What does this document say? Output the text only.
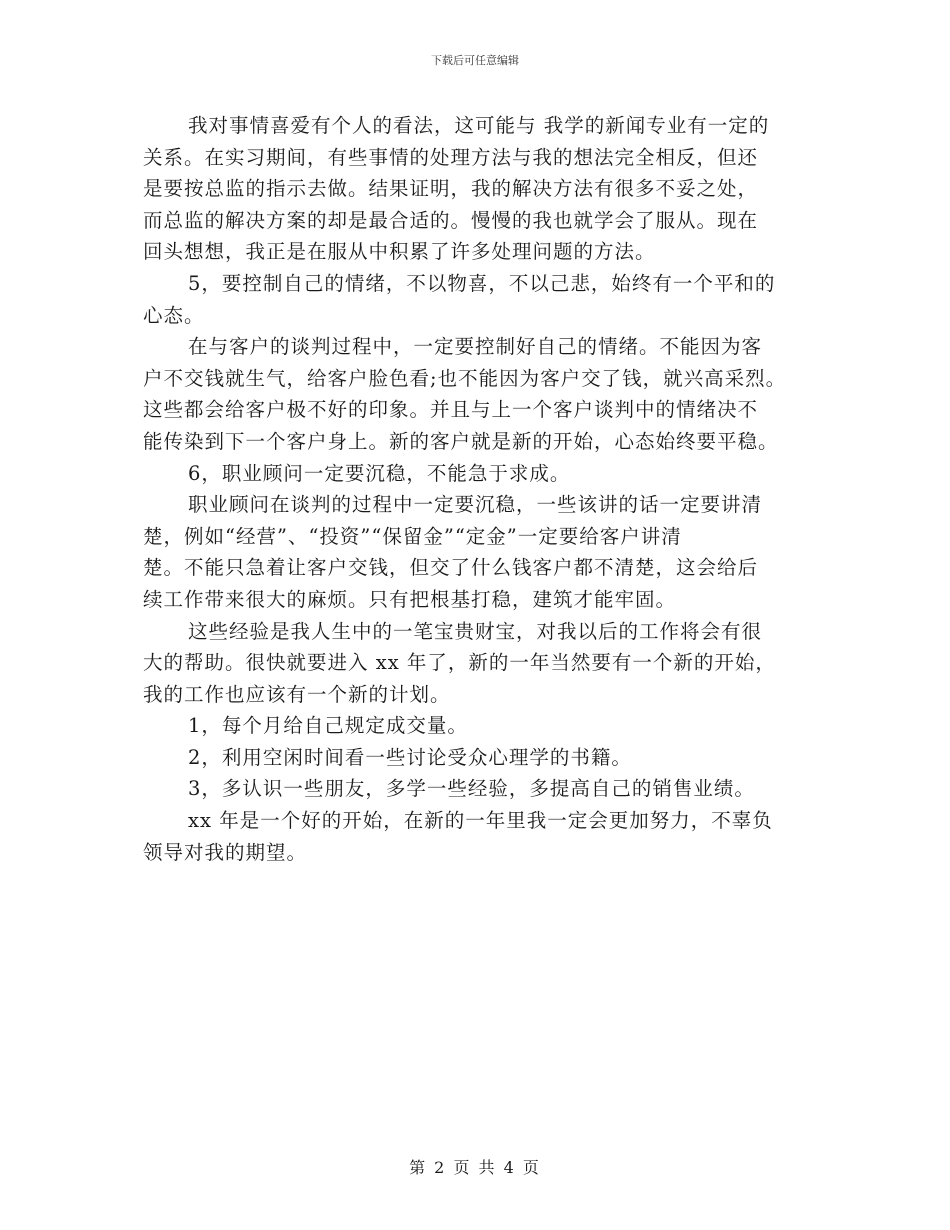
下载后可任意编辑
我对事情喜爱有个人的看法，这可能与 我学的新闻专业有一定的
关系。在实习期间，有些事情的处理方法与我的想法完全相反，但还
是要按总监的指示去做。结果证明，我的解决方法有很多不妥之处，
而总监的解决方案的却是最合适的。慢慢的我也就学会了服从。现在
回头想想，我正是在服从中积累了许多处理问题的方法。
5，要控制自己的情绪，不以物喜，不以己悲，始终有一个平和的
心态。
在与客户的谈判过程中，一定要控制好自己的情绪。不能因为客
户不交钱就生气，给客户脸色看;也不能因为客户交了钱，就兴高采烈。
这些都会给客户极不好的印象。并且与上一个客户谈判中的情绪决不
能传染到下一个客户身上。新的客户就是新的开始，心态始终要平稳。
6，职业顾问一定要沉稳，不能急于求成。
职业顾问在谈判的过程中一定要沉稳，一些该讲的话一定要讲清
楚，例如“经营”、“投资”“保留金”“定金”一定要给客户讲清
楚。不能只急着让客户交钱，但交了什么钱客户都不清楚，这会给后
续工作带来很大的麻烦。只有把根基打稳，建筑才能牢固。
这些经验是我人生中的一笔宝贵财宝，对我以后的工作将会有很
大的帮助。很快就要进入 xx 年了，新的一年当然要有一个新的开始，
我的工作也应该有一个新的计划。
1，每个月给自己规定成交量。
2，利用空闲时间看一些讨论受众心理学的书籍。
3，多认识一些朋友，多学一些经验，多提高自己的销售业绩。
xx 年是一个好的开始，在新的一年里我一定会更加努力，不辜负
领导对我的期望。
第 2 页 共 4 页
